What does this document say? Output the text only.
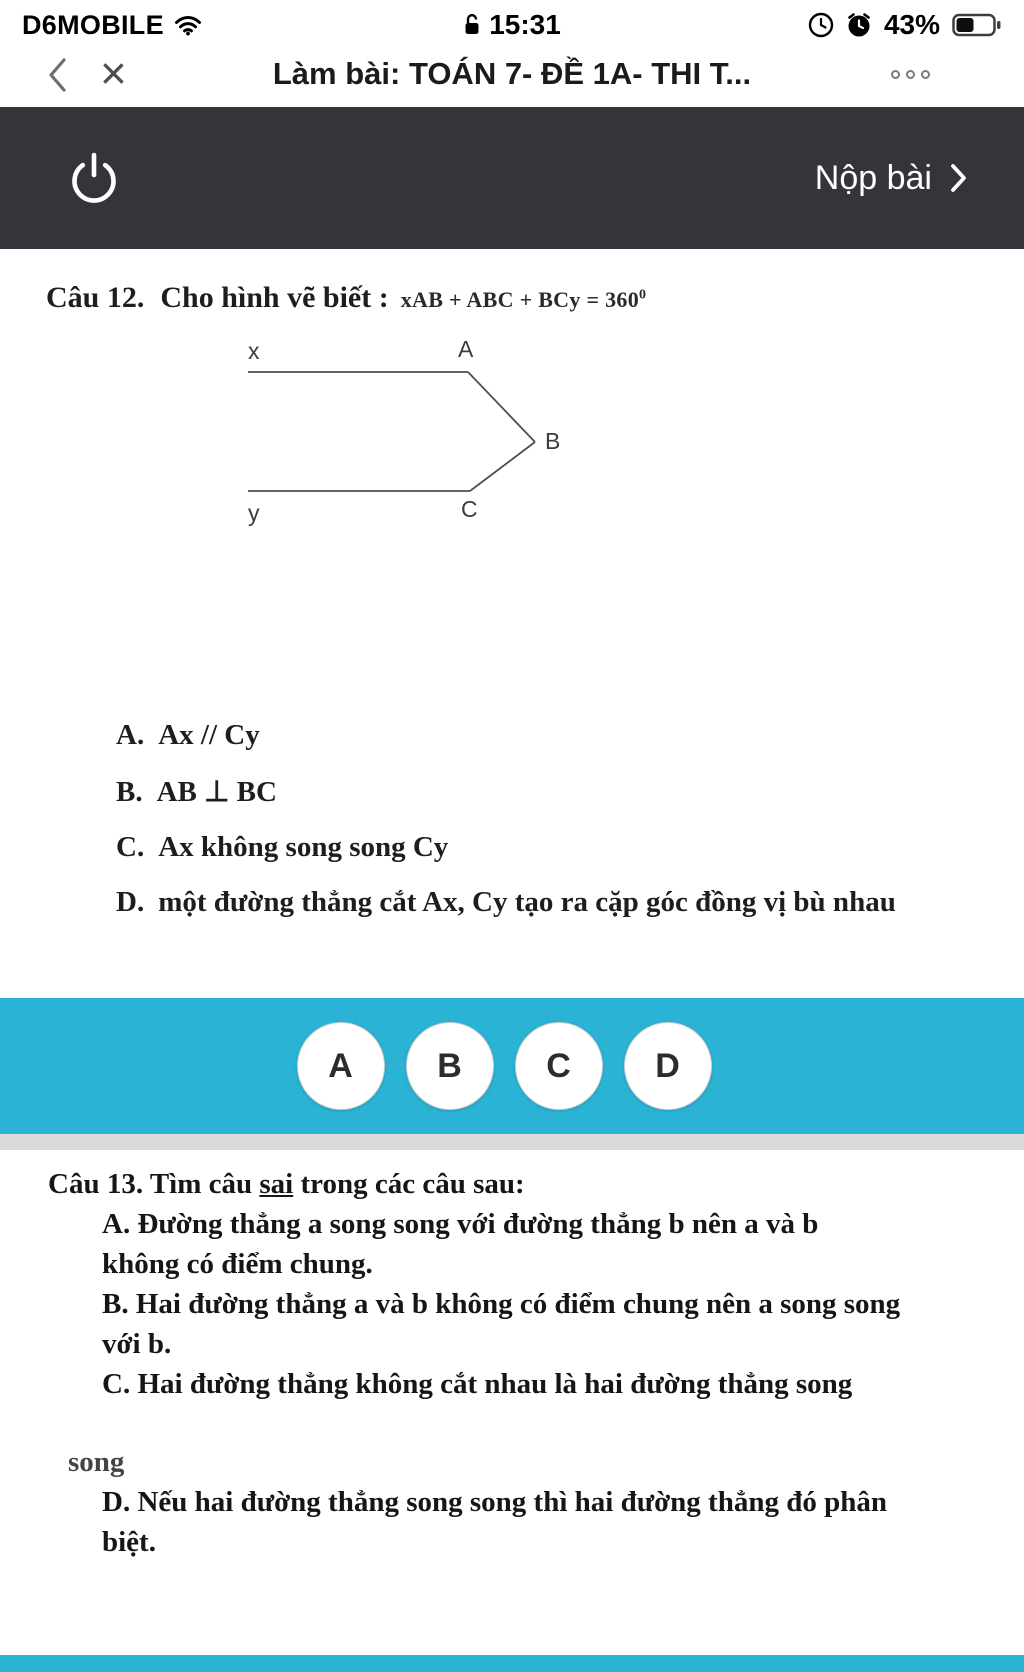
D6MOBILE	15:31	43%
Làm bài: TOÁN 7- ĐỀ 1A- THI T...
×
Nộp bài
Câu 12. Cho hình vẽ biết : xAB + ABC + BCy = $360^0$
x	A
B
y	C
A. Ax // Cy
B. AB ⊥ BC
C. Ax không song song Cy
D. một đường thẳng cắt Ax, Cy tạo ra cặp góc đồng vị bù nhau
A	B	C	D
Câu 13. Tìm câu sai trong các câu sau:
A. Đường thẳng a song song với đường thẳng b nên a và b không có điểm chung.
B. Hai đường thẳng a và b không có điểm chung nên a song song với b.
C. Hai đường thẳng không cắt nhau là hai đường thẳng song
song
D. Nếu hai đường thẳng song song thì hai đường thẳng đó phân biệt.
